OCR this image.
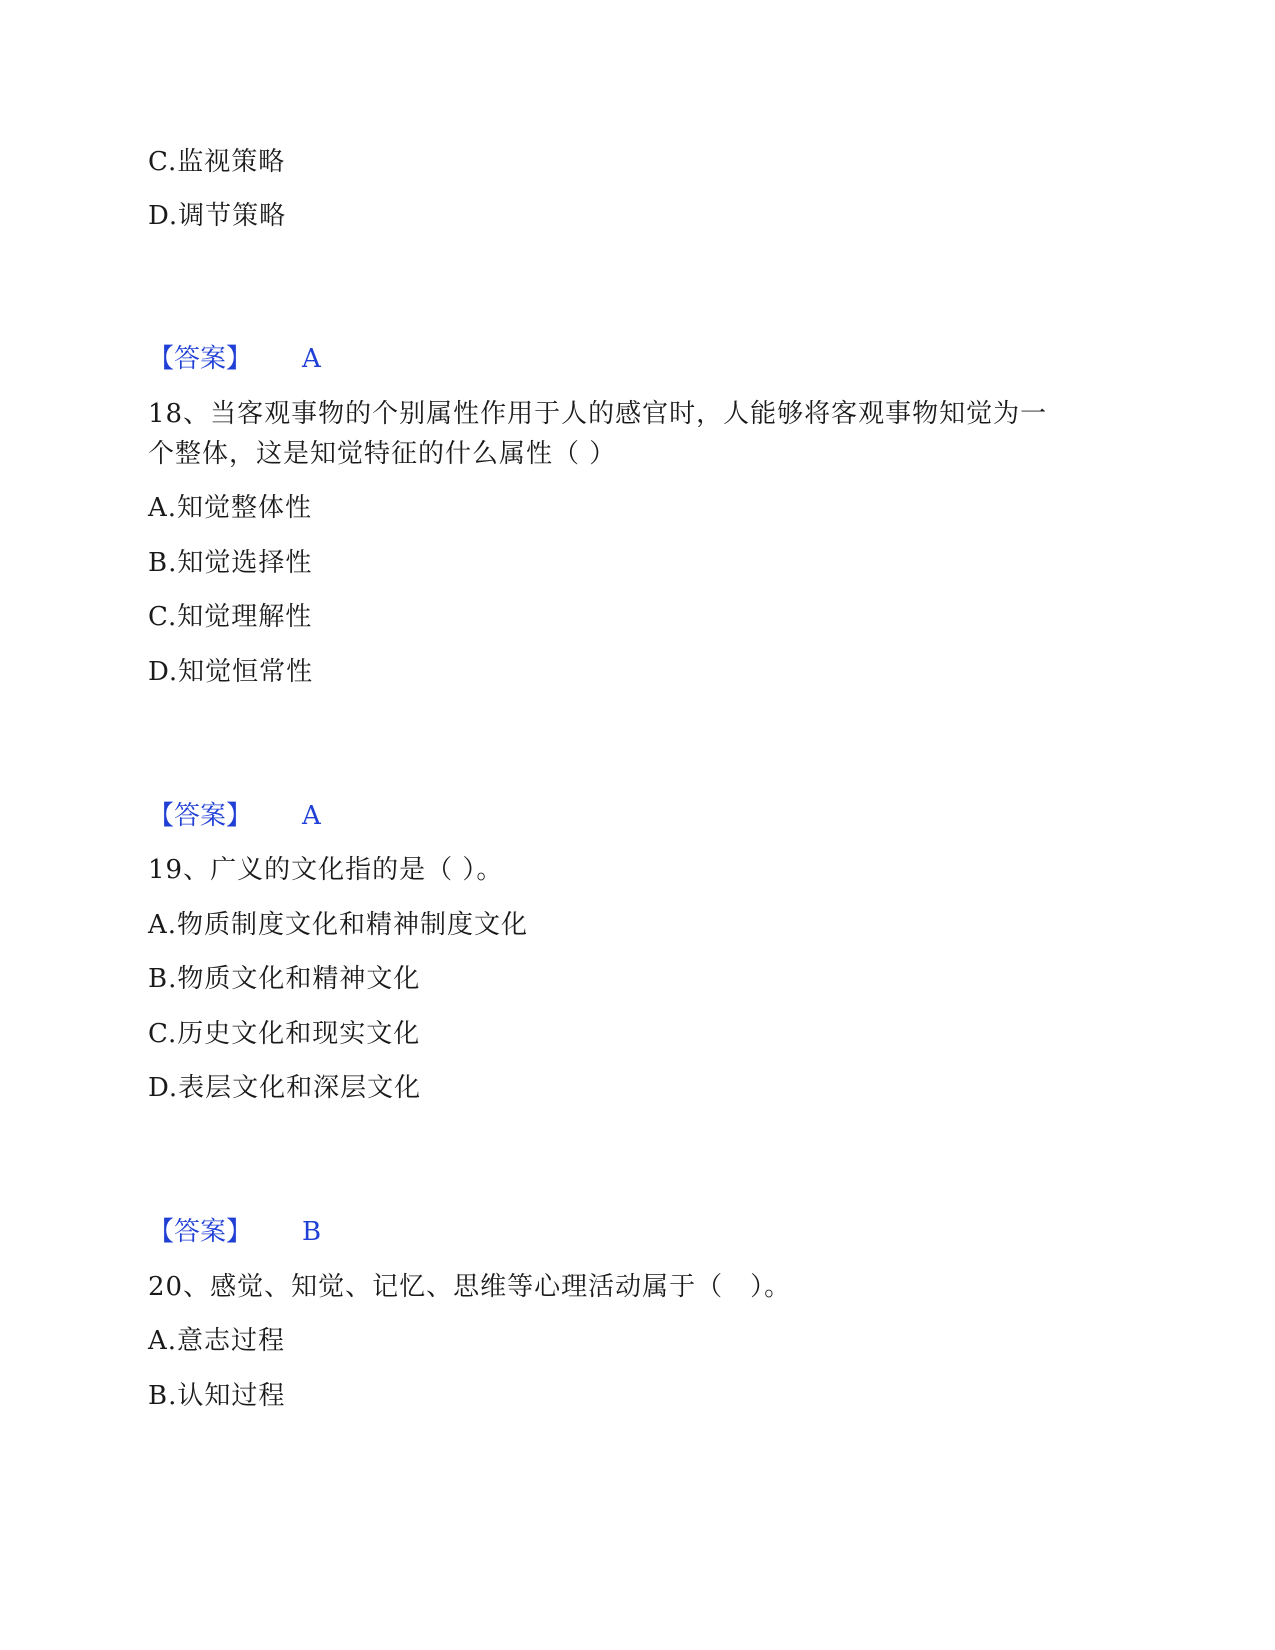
C.监视策略
D.调节策略
【答案】 A
18、当客观事物的个别属性作用于人的感官时，人能够将客观事物知觉为一
个整体，这是知觉特征的什么属性（ ）
A.知觉整体性
B.知觉选择性
C.知觉理解性
D.知觉恒常性
【答案】 A
19、广义的文化指的是（ ）。
A.物质制度文化和精神制度文化
B.物质文化和精神文化
C.历史文化和现实文化
D.表层文化和深层文化
【答案】 B
20、感觉、知觉、记忆、思维等心理活动属于（　）。
A.意志过程
B.认知过程
